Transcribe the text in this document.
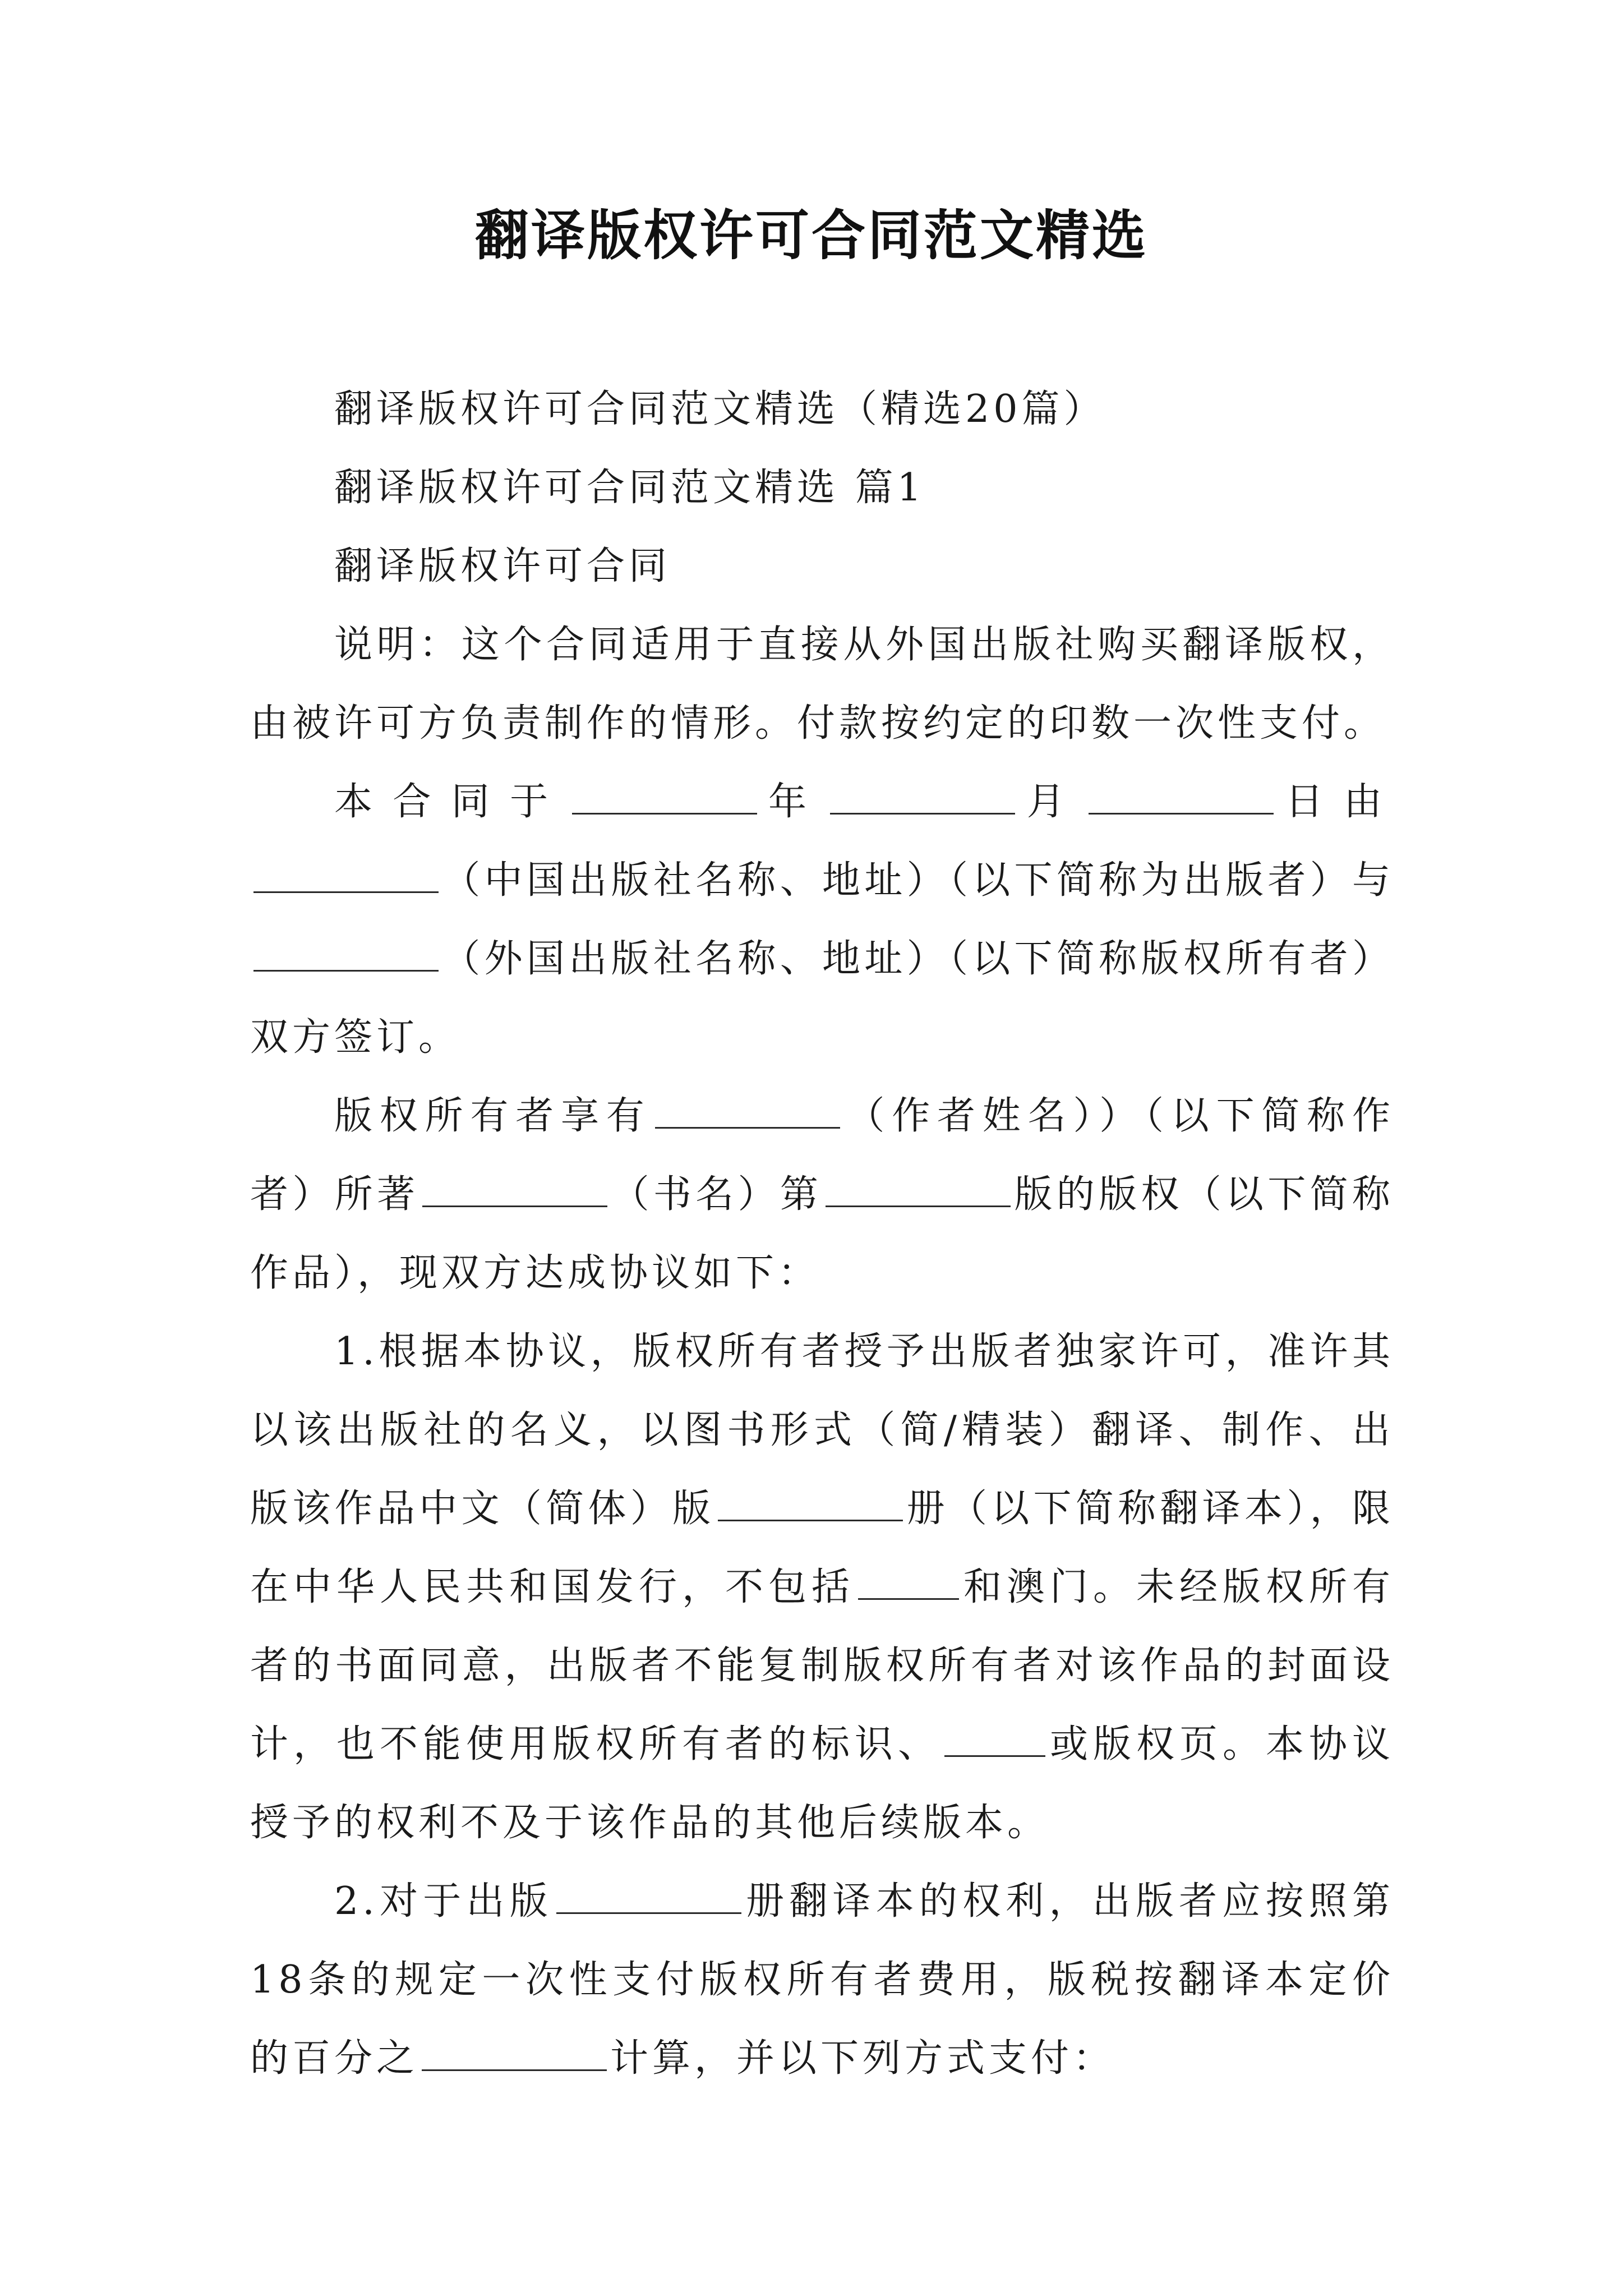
翻译版权许可合同范文精选

翻译版权许可合同范文精选（精选20篇）

翻译版权许可合同范文精选 篇1

翻译版权许可合同

说明：这个合同适用于直接从外国出版社购买翻译版权，由被许可方负责制作的情形。付款按约定的印数一次性支付。

本合同于	年	月	日由（中国出版社名称、地址）（以下简称为出版者）与（外国出版社名称、地址）（以下简称版权所有者）双方签订。

版权所有者享有	（作者姓名））（以下简称作者）所著	（书名）第	版的版权（以下简称作品），现双方达成协议如下：

1.根据本协议，版权所有者授予出版者独家许可，准许其以该出版社的名义，以图书形式（简/精装）翻译、制作、出版该作品中文（简体）版	册（以下简称翻译本），限在中华人民共和国发行，不包括	和澳门。未经版权所有者的书面同意，出版者不能复制版权所有者对该作品的封面设计，也不能使用版权所有者的标识、	或版权页。本协议授予的权利不及于该作品的其他后续版本。

2.对于出版	册翻译本的权利，出版者应按照第18条的规定一次性支付版权所有者费用，版税按翻译本定价的百分之	计算，并以下列方式支付：
